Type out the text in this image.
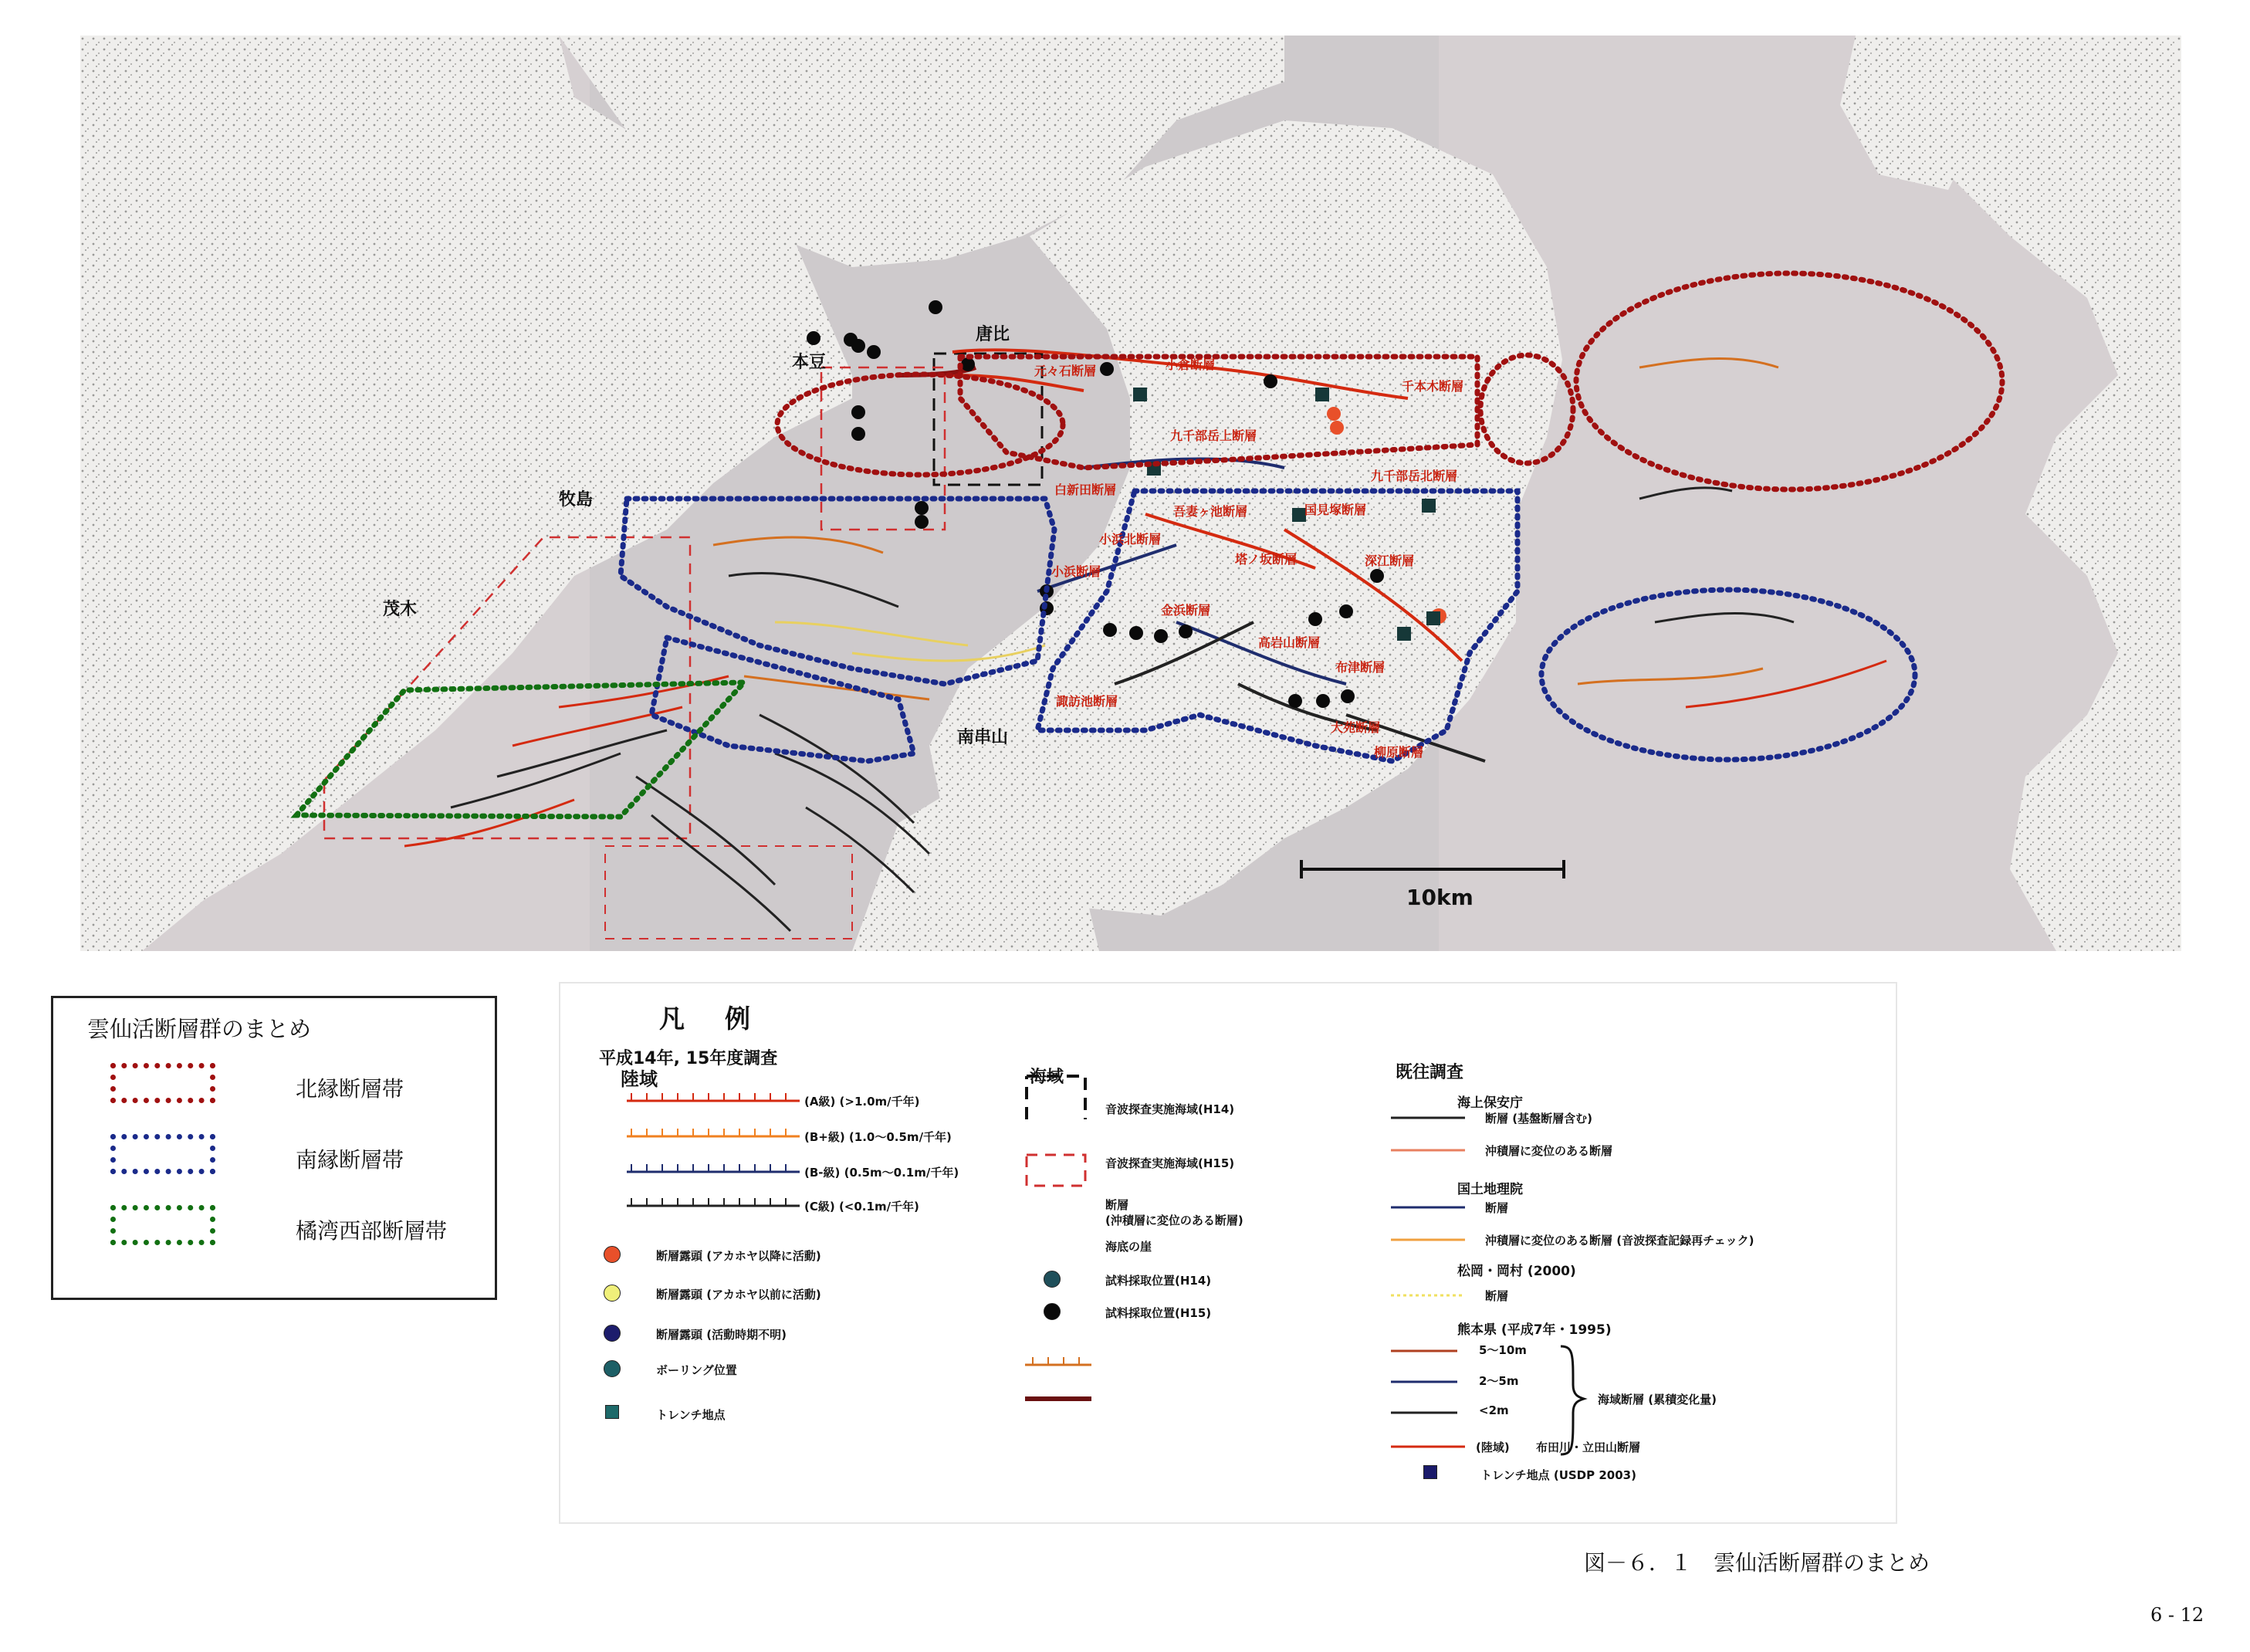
唐比
本豆
牧島
茂木
南串山
元々石断層	小倉断層
千本木断層
九千部岳上断層
九千部岳北断層
白新田断層
吾妻ヶ池断層	国見塚断層
小浜北断層
塔ノ坂断層	深江断層
小浜断層
金浜断層
高岩山断層
布津断層
諏訪池断層
大苑断層
柳原断層
10km
雲仙活断層群のまとめ
北縁断層帯
南縁断層帯
橘湾西部断層帯
凡例
平成14年, 15年度調査
陸域
(A級) (>1.0m/千年)
(B+級) (1.0～0.5m/千年)
(B-級) (0.5m～0.1m/千年)
(C級) (<0.1m/千年)
断層露頭 (アカホヤ以降に活動)
断層露頭 (アカホヤ以前に活動)
断層露頭 (活動時期不明)
ボーリング位置
トレンチ地点
海域
音波探査実施海域(H14)
音波探査実施海域(H15)
断層
(沖積層に変位のある断層)
海底の崖
試料採取位置(H14)
試料採取位置(H15)
既往調査
海上保安庁
断層 (基盤断層含む)
沖積層に変位のある断層
国土地理院
断層
沖積層に変位のある断層 (音波探査記録再チェック)
松岡・岡村 (2000)
断層
熊本県 (平成7年・1995)
5～10m
2～5m
<2m
海域断層 (累積変化量)
(陸域) 布田川・立田山断層
トレンチ地点 (USDP 2003)
図－６．１　雲仙活断層群のまとめ
6 - 12
